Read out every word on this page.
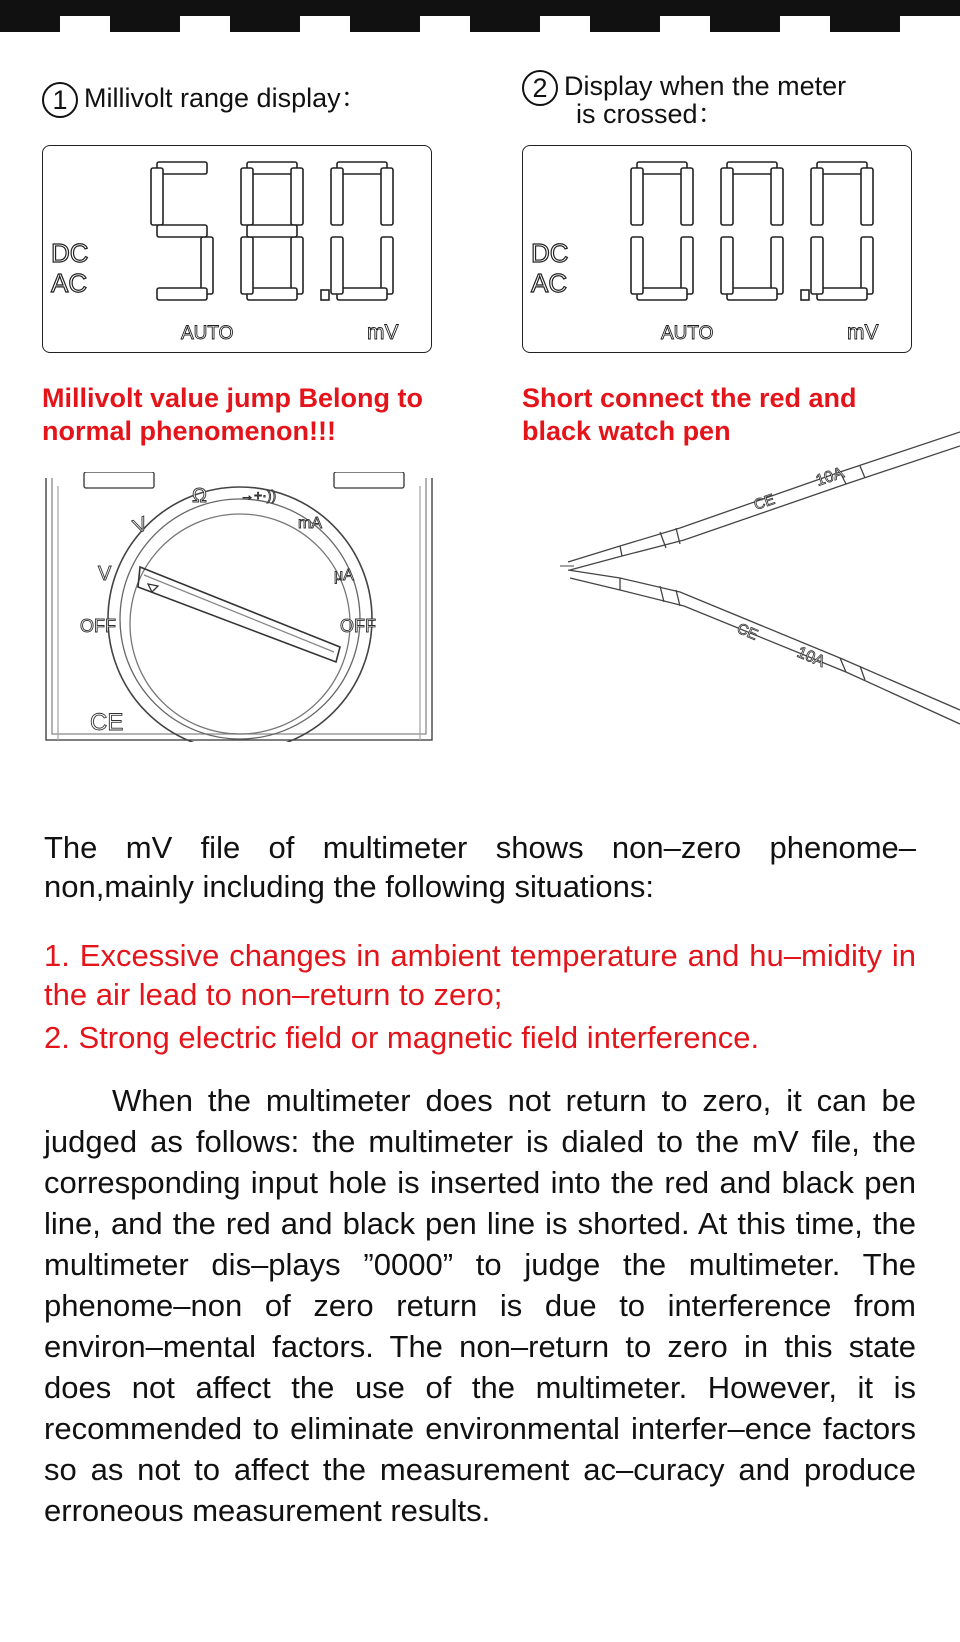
1 Millivolt range display：	2 Display when the meter
is crossed：
DC
AC
AUTO	mV
DC
AC
AUTO	mV
Millivolt value jump Belong to
normal phenomenon!!!
Short connect the red and
black watch pen
Ω →+·))
V	mA
V	μA
OFF	OFF
CE
10A
CE
10A
CE
The mV file of multimeter shows non–zero phenome–non,mainly including the following situations:
1. Excessive changes in ambient temperature and hu–midity in the air lead to non–return to zero;
2. Strong electric field or magnetic field interference.
When the multimeter does not return to zero, it can be judged as follows: the multimeter is dialed to the mV file, the corresponding input hole is inserted into the red and black pen line, and the red and black pen line is shorted. At this time, the multimeter dis–plays ”0000” to judge the multimeter. The phenome–non of zero return is due to interference from environ–mental factors. The non–return to zero in this state does not affect the use of the multimeter. However, it is recommended to eliminate environmental interfer–ence factors so as not to affect the measurement ac–curacy and produce erroneous measurement results.
